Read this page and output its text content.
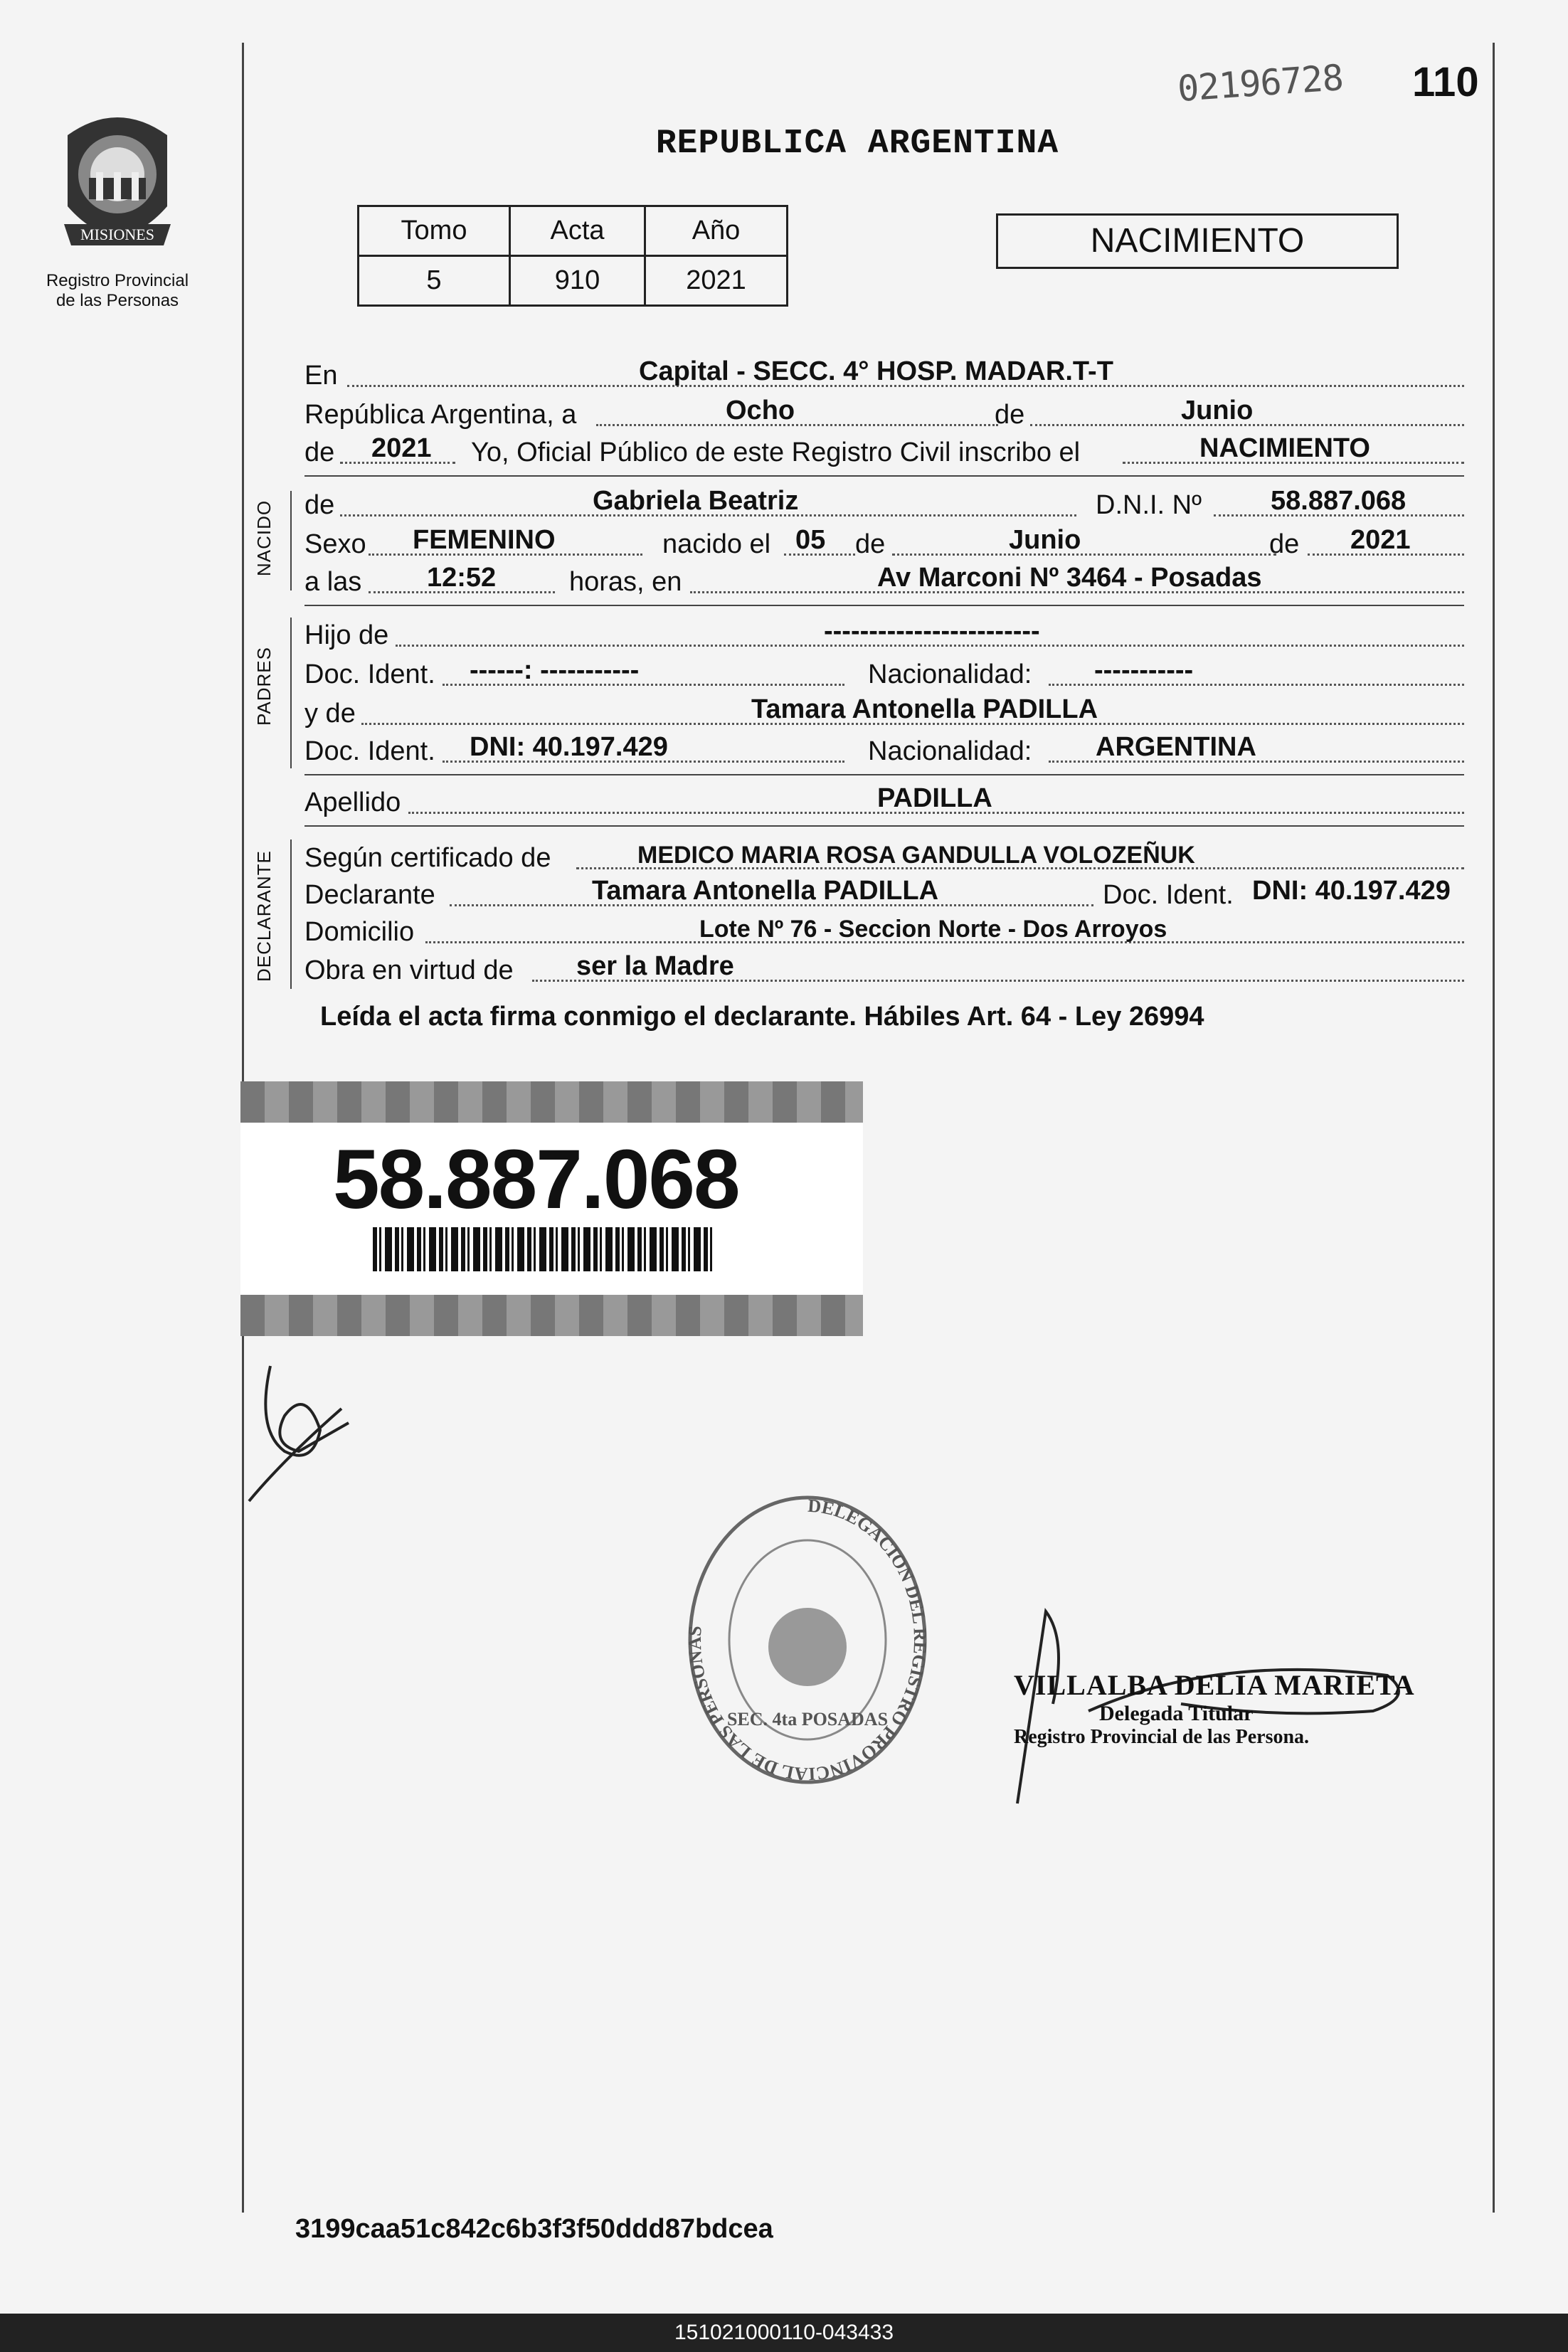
02196728 110
REPUBLICA ARGENTINA
MISIONES
Registro Provincial
de las Personas
Tomo	Acta	Año
5	910	2021
NACIMIENTO
En	Capital - SECC. 4° HOSP. MADAR.T-T
República Argentina, a	Ocho	de	Junio
de 2021 Yo, Oficial Público de este Registro Civil inscribo el	NACIMIENTO
NACIDO de	Gabriela Beatriz	D.N.I. Nº	58.887.068
Sexo FEMENINO	nacido el 05 de	Junio	de 2021
a las 12:52	horas, en	Av Marconi Nº 3464 - Posadas
PADRES
Hijo de	------------------------
Doc. Ident. ------: -----------	Nacionalidad: -----------
y de	Tamara Antonella PADILLA
Doc. Ident. DNI: 40.197.429	Nacionalidad: ARGENTINA
Apellido	PADILLA
DECLARANTE Según certificado de	MEDICO MARIA ROSA GANDULLA VOLOZEÑUK
Declarante	Tamara Antonella PADILLA	Doc. Ident. DNI: 40.197.429
Domicilio	Lote Nº 76 - Seccion Norte - Dos Arroyos
Obra en virtud de ser la Madre
Leída el acta firma conmigo el declarante. Hábiles Art. 64 - Ley 26994
58.887.068
DELEGACION DEL REGISTRO PROVINCIAL DE LAS PERSONAS
SEC. 4ta POSADAS
VILLALBA DELIA MARIETA
Delegada Titular
Registro Provincial de las Persona.
3199caa51c842c6b3f3f50ddd87bdcea
151021000110-043433
